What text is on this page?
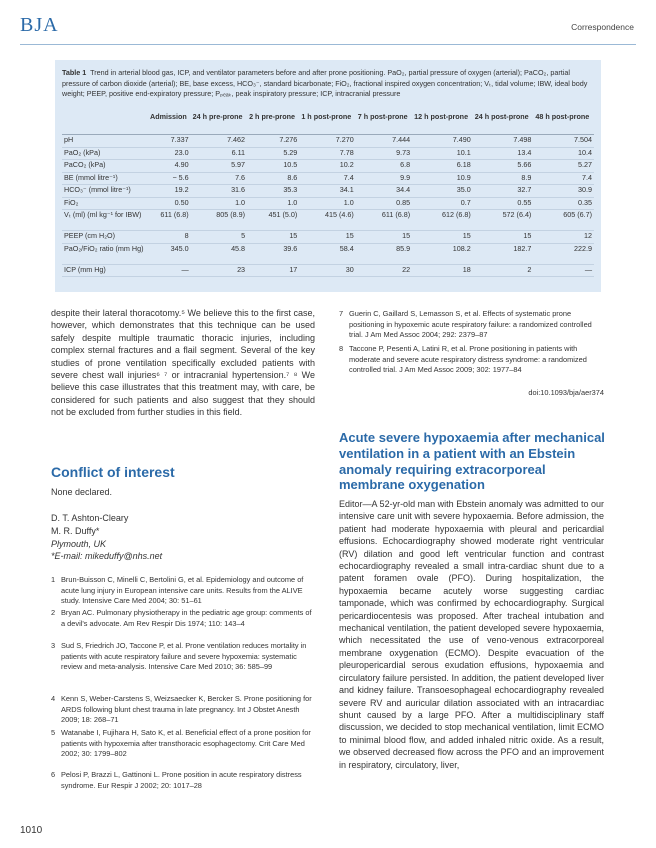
BJA	Correspondence
Table 1 Trend in arterial blood gas, ICP, and ventilator parameters before and after prone positioning. PaO₂, partial pressure of oxygen (arterial); PaCO₂, partial pressure of carbon dioxide (arterial); BE, base excess, HCO₃⁻, standard bicarbonate; FiO₂, fractional inspired oxygen concentration; Vₜ, tidal volume; IBW, ideal body weight; PEEP, positive end-expiratory pressure; Pₚₑₐₖ, peak inspiratory pressure; ICP, intracranial pressure
	Admission	24 h pre-prone	2 h pre-prone	1 h post-prone	7 h post-prone	12 h post-prone	24 h post-prone	48 h post-prone
pH	7.337	7.462	7.276	7.270	7.444	7.490	7.498	7.504
PaO₂ (kPa)	23.0	6.11	5.29	7.78	9.73	10.1	13.4	10.4
PaCO₂ (kPa)	4.90	5.97	10.5	10.2	6.8	6.18	5.66	5.27
BE (mmol litre⁻¹)	− 5.6	7.6	8.6	7.4	9.9	10.9	8.9	7.4
HCO₃⁻ (mmol litre⁻¹)	19.2	31.6	35.3	34.1	34.4	35.0	32.7	30.9
FiO₂	0.50	1.0	1.0	1.0	0.85	0.7	0.55	0.35
Vₜ (ml) (ml kg⁻¹ for IBW)	611 (6.8)	805 (8.9)	451 (5.0)	415 (4.6)	611 (6.8)	612 (6.8)	572 (6.4)	605 (6.7)
PEEP (cm H₂O)	8	5	15	15	15	15	15	12
PaO₂/FiO₂ ratio (mm Hg)	345.0	45.8	39.6	58.4	85.9	108.2	182.7	222.9
ICP (mm Hg)	—	23	17	30	22	18	2	—
despite their lateral thoracotomy.⁵ We believe this to the first case, however, which demonstrates that this technique can be used safely despite multiple traumatic thoracic injuries, including complex sternal fractures and a flail segment. Several of the key studies of prone ventilation specifically excluded patients with severe chest wall injuries⁶ ⁷ or intracranial hypertension.⁷ ⁸ We believe this case illustrates that this treatment may, with care, be considered for such patients and also suggest that they should not be excluded from further studies in this field.
Conflict of interest
None declared.
D. T. Ashton-Cleary
M. R. Duffy*
Plymouth, UK
*E-mail: mikeduffy@nhs.net
1 Brun-Buisson C, Minelli C, Bertolini G, et al. Epidemiology and outcome of acute lung injury in European intensive care units. Results from the ALIVE study. Intensive Care Med 2004; 30: 51–61
2 Bryan AC. Pulmonary physiotherapy in the pediatric age group: comments of a devil's advocate. Am Rev Respir Dis 1974; 110: 143–4
3 Sud S, Friedrich JO, Taccone P, et al. Prone ventilation reduces mortality in patients with acute respiratory failure and severe hypoxemia: systematic review and meta-analysis. Intensive Care Med 2010; 36: 585–99
4 Kenn S, Weber-Carstens S, Weizsaecker K, Bercker S. Prone positioning for ARDS following blunt chest trauma in late pregnancy. Int J Obstet Anesth 2009; 18: 268–71
5 Watanabe I, Fujihara H, Sato K, et al. Beneficial effect of a prone position for patients with hypoxemia after transthoracic esophagectomy. Crit Care Med 2002; 30: 1799–802
6 Pelosi P, Brazzi L, Gattinoni L. Prone position in acute respiratory distress syndrome. Eur Respir J 2002; 20: 1017–28
7 Guerin C, Gaillard S, Lemasson S, et al. Effects of systematic prone positioning in hypoxemic acute respiratory failure: a randomized controlled trial. J Am Med Assoc 2004; 292: 2379–87
8 Taccone P, Pesenti A, Latini R, et al. Prone positioning in patients with moderate and severe acute respiratory distress syndrome: a randomized controlled trial. J Am Med Assoc 2009; 302: 1977–84
doi:10.1093/bja/aer374
Acute severe hypoxaemia after mechanical ventilation in a patient with an Ebstein anomaly requiring extracorporeal membrane oxygenation
Editor—A 52-yr-old man with Ebstein anomaly was admitted to our intensive care unit with severe hypoxaemia. Before admission, the patient had moderate hypoxaemia with pleural and pericardial effusions. Echocardiography showed moderate right ventricular (RV) dilation and good left ventricular function and contrast echocardiography revealed a small intra-cardiac shunt due to a patent foramen ovale (PFO). During hospitalization, the hypoxaemia became acutely worse suggesting cardiac tamponade, which was confirmed by echocardiography. Surgical pericardiocentesis was proposed. After tracheal intubation and mechanical ventilation, the patient developed severe hypoxaemia, which necessitated the use of veno-venous extracorporeal membrane oxygenation (ECMO). Despite evacuation of the pleuropericardial serous exudation effusions, hypoxaemia and circulatory failure persisted. In addition, the patient developed liver and kidney failure. Transoesophageal echocardiography revealed severe RV and auricular dilation associated with an intracardiac shunt caused by a large PFO. After a multidisciplinary staff discussion, we decided to stop mechanical ventilation, limit ECMO to minimal blood flow, and added inhaled nitric oxide. As a result, we observed decreased flow across the PFO and an improvement in respiratory, circulatory, liver,
1010
